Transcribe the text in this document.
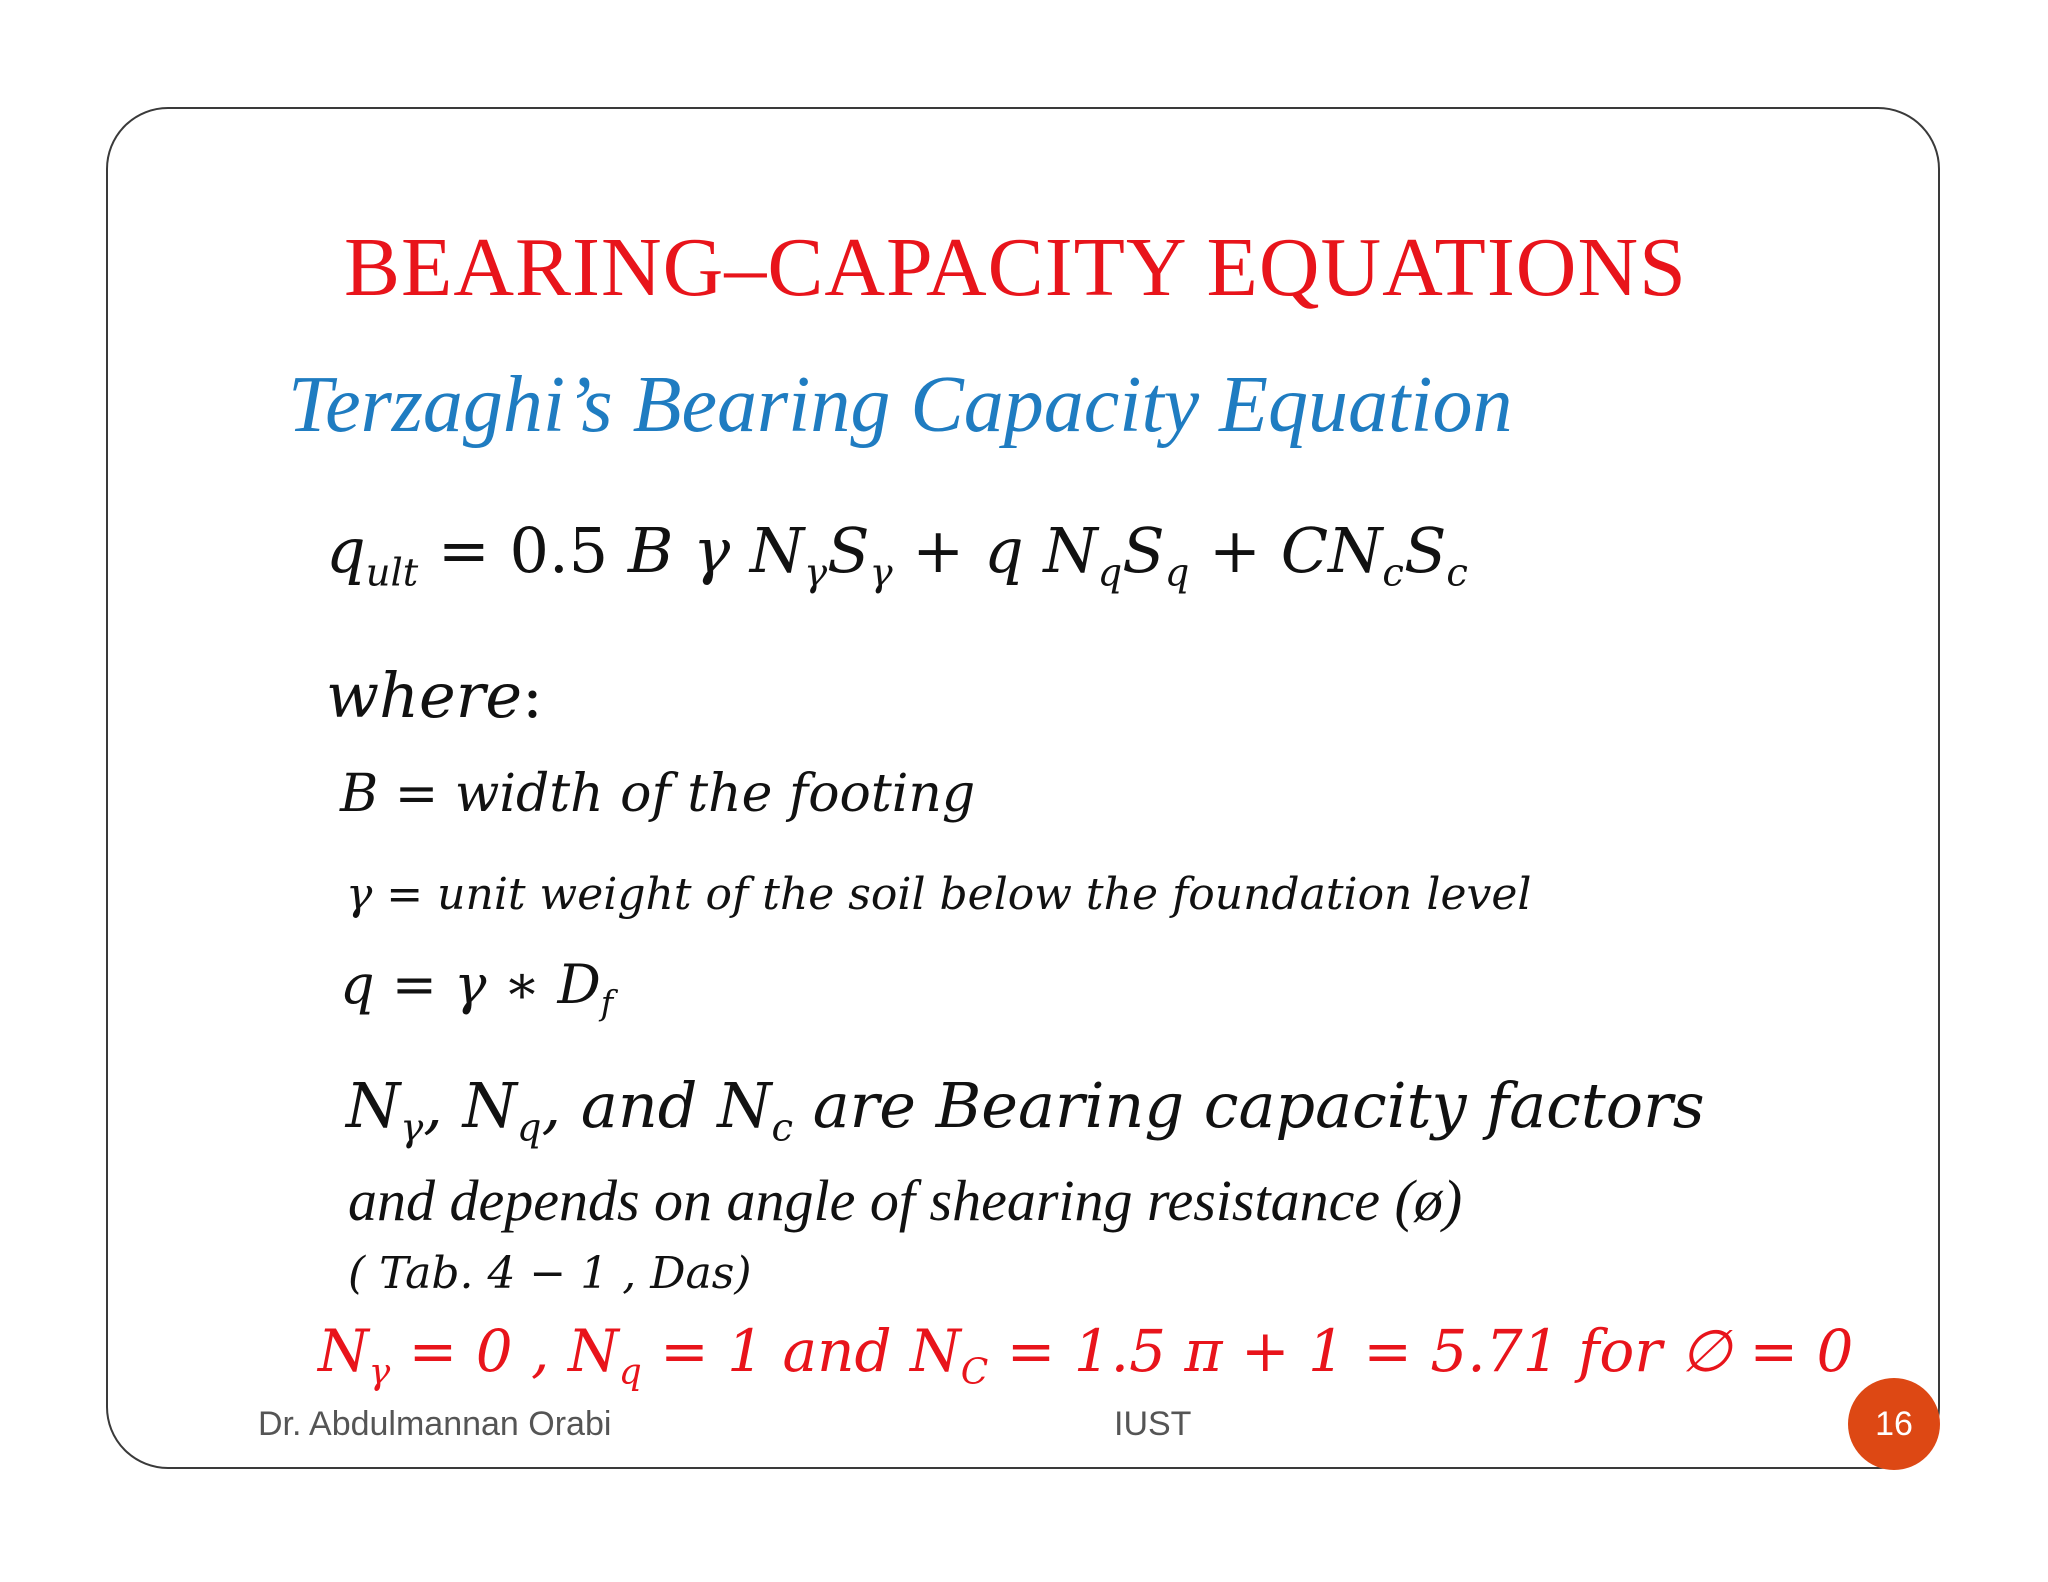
BEARING–CAPACITY EQUATIONS
Terzaghi’s Bearing Capacity Equation
$q_{ult} = 0.5$ B γ $N_\gamma S_\gamma + q$ $N_qS_q + CN_cS_c$
where:
B = width of the footing
γ = unit weight of the soil below the foundation level
q = γ ∗ $D_f$
$N_\gamma$, $N_q$, and $N_c$ are Bearing capacity factors
and depends on angle of shearing resistance (ø)
( Tab. 4 − 1 , Das)
$N_\gamma = 0$ , $N_q = 1$ and $N_C = 1.5$ π + 1 = 5.71 for ∅ = 0
Dr. Abdulmannan Orabi	IUST	16
